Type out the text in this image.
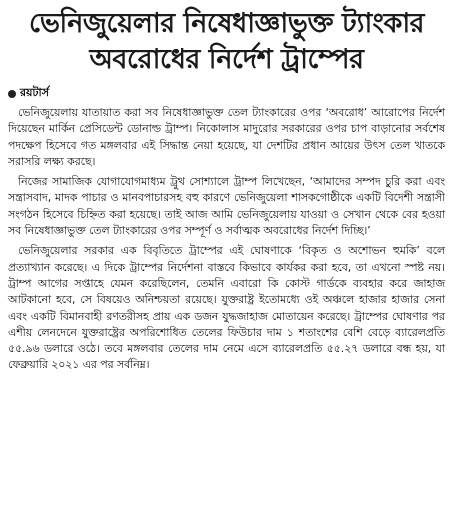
ভেনিজুয়েলার নিষেধাজ্ঞাভুক্ত ট্যাংকার
অবরোধের নির্দেশ ট্রাম্পের
রয়টার্স

ভেনিজুয়েলায় যাতায়াত করা সব নিষেধাজ্ঞাভুক্ত তেল ট্যাংকারের ওপর ‘অবরোধ’ আরোপের নির্দেশ দিয়েছেন মার্কিন প্রেসিডেন্ট ডোনাল্ড ট্রাম্প। নিকোলাস মাদুরোর সরকারের ওপর চাপ বাড়ানোর সর্বশেষ পদক্ষেপ হিসেবে গত মঙ্গলবার এই সিদ্ধান্ত নেয়া হয়েছে, যা দেশটির প্রধান আয়ের উৎস তেল খাতকে সরাসরি লক্ষ্য করছে।

নিজের সামাজিক যোগাযোগমাধ্যম ট্রুথ সোশ্যালে ট্রাম্প লিখেছেন, ‘আমাদের সম্পদ চুরি করা এবং সন্ত্রাসবাদ, মাদক পাচার ও মানবপাচারসহ বহু কারণে ভেনিজুয়েলা শাসকগোষ্ঠীকে একটি বিদেশী সন্ত্রাসী সংগঠন হিসেবে চিহ্নিত করা হয়েছে। তাই আজ আমি ভেনিজুয়েলায় যাওয়া ও সেখান থেকে বের হওয়া সব নিষেধাজ্ঞাভুক্ত তেল ট্যাংকারের ওপর সম্পূর্ণ ও সর্বাত্মক অবরোধের নির্দেশ দিচ্ছি।’

ভেনিজুয়েলার সরকার এক বিবৃতিতে ট্রাম্পের এই ঘোষণাকে ‘বিকৃত ও অশোভন হুমকি’ বলে প্রত্যাখ্যান করেছে। এ দিকে ট্রাম্পের নির্দেশনা বাস্তবে কিভাবে কার্যকর করা হবে, তা এখনো স্পষ্ট নয়। ট্রাম্প আগের সপ্তাহে যেমন করেছিলেন, তেমনি এবারো কি কোস্ট গার্ডকে ব্যবহার করে জাহাজ আটকানো হবে, সে বিষয়েও অনিশ্চয়তা রয়েছে। যুক্তরাষ্ট্র ইতোমধ্যে ওই অঞ্চলে হাজার হাজার সেনা এবং একটি বিমানবাহী রণতরীসহ প্রায় এক ডজন যুদ্ধজাহাজ মোতায়েন করেছে। ট্রাম্পের ঘোষণার পর এশীয় লেনদেনে যুক্তরাষ্ট্রের অপরিশোধিত তেলের ফিউচার দাম ১ শতাংশের বেশি বেড়ে ব্যারেলপ্রতি ৫৫.৯৬ ডলারে ওঠে। তবে মঙ্গলবার তেলের দাম নেমে এসে ব্যারেলপ্রতি ৫৫.২৭ ডলারে বন্ধ হয়, যা ফেব্রুয়ারি ২০২১ এর পর সর্বনিম্ন।
